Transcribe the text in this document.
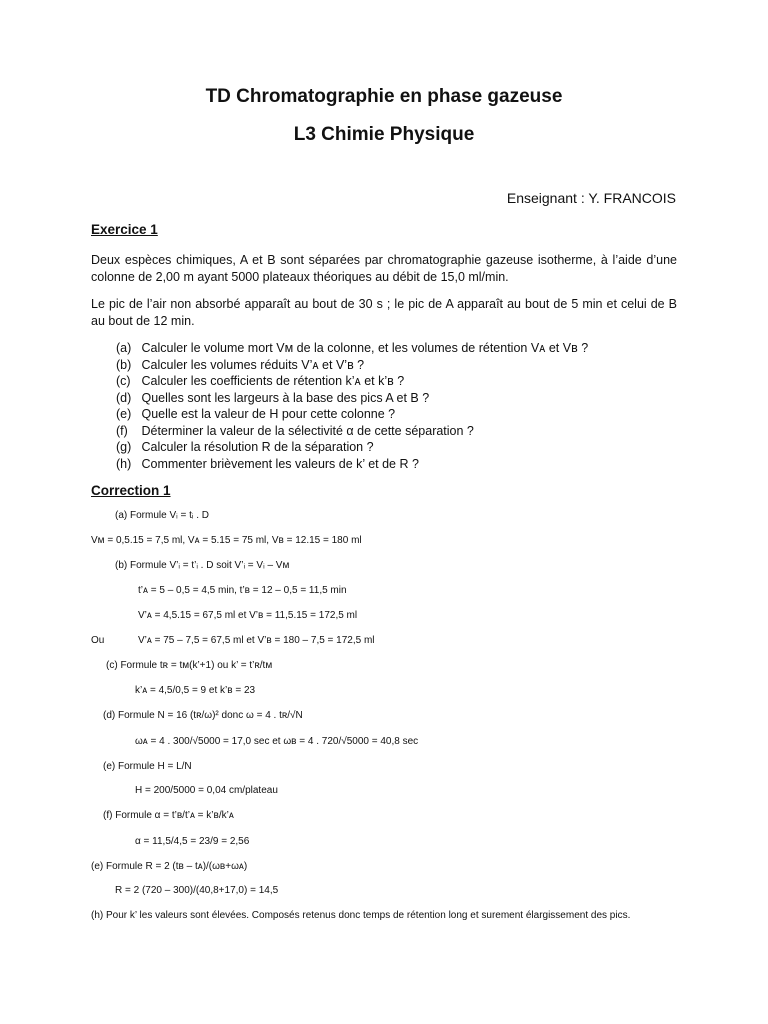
TD Chromatographie en phase gazeuse
L3 Chimie Physique
Enseignant : Y. FRANCOIS
Exercice 1
Deux espèces chimiques, A et B sont séparées par chromatographie gazeuse isotherme, à l’aide d’une colonne de 2,00 m ayant 5000 plateaux théoriques au débit de 15,0 ml/min.
Le pic de l’air non absorbé apparaît au bout de 30 s ; le pic de A apparaît au bout de 5 min et celui de B au bout de 12 min.
(a) Calculer le volume mort Vᴍ de la colonne, et les volumes de rétention Vᴀ et Vʙ ?
(b) Calculer les volumes réduits V’ᴀ et V’ʙ ?
(c) Calculer les coefficients de rétention k’ᴀ et k’ʙ ?
(d) Quelles sont les largeurs à la base des pics A et B ?
(e) Quelle est la valeur de H pour cette colonne ?
(f) Déterminer la valeur de la sélectivité α de cette séparation ?
(g) Calculer la résolution R de la séparation ?
(h) Commenter brièvement les valeurs de k’ et de R ?
Correction 1
(a) Formule Vᵢ = tᵢ . D
Vᴍ = 0,5.15 = 7,5 ml, Vᴀ = 5.15 = 75 ml, Vʙ = 12.15 = 180 ml
(b) Formule V’ᵢ = t’ᵢ . D soit V’ᵢ = Vᵢ – Vᴍ
t’ᴀ = 5 – 0,5 = 4,5 min, t’ʙ = 12 – 0,5 = 11,5 min
V’ᴀ = 4,5.15 = 67,5 ml et V’ʙ = 11,5.15 = 172,5 ml
Ou	V’ᴀ = 75 – 7,5 = 67,5 ml et V’ʙ = 180 – 7,5 = 172,5 ml
(c) Formule tʀ = tᴍ(k’+1) ou k’ = t’ʀ/tᴍ
k’ᴀ = 4,5/0,5 = 9 et k’ʙ = 23
(d) Formule N = 16 (tʀ/ω)² donc ω = 4 . tʀ/√N
ωᴀ = 4 . 300/√5000 = 17,0 sec et ωʙ = 4 . 720/√5000 = 40,8 sec
(e) Formule H = L/N
H = 200/5000 = 0,04 cm/plateau
(f) Formule α = t’ʙ/t’ᴀ = k’ʙ/k’ᴀ
α = 11,5/4,5 = 23/9 = 2,56
(e) Formule R = 2 (tʙ – tᴀ)/(ωʙ+ωᴀ)
R = 2 (720 – 300)/(40,8+17,0) = 14,5
(h) Pour k’ les valeurs sont élevées. Composés retenus donc temps de rétention long et surement élargissement des pics.
